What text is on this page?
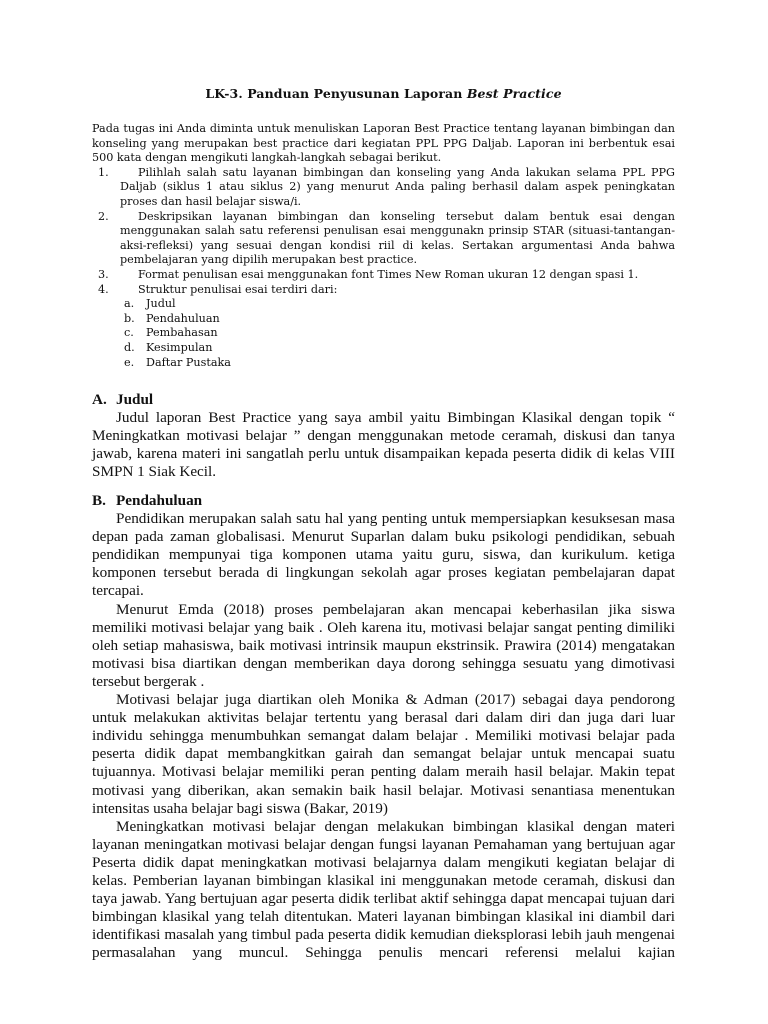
LK-3. Panduan Penyusunan Laporan Best Practice
Pada tugas ini Anda diminta untuk menuliskan Laporan Best Practice tentang layanan bimbingan dan konseling yang merupakan best practice dari kegiatan PPL PPG Daljab. Laporan ini berbentuk esai 500 kata dengan mengikuti langkah-langkah sebagai berikut.
1.	Pilihlah salah satu layanan bimbingan dan konseling yang Anda lakukan selama PPL PPG Daljab (siklus 1 atau siklus 2) yang menurut Anda paling berhasil dalam aspek peningkatan proses dan hasil belajar siswa/i.
2.	Deskripsikan layanan bimbingan dan konseling tersebut dalam bentuk esai dengan menggunakan salah satu referensi penulisan esai menggunakn prinsip STAR (situasi-tantangan-aksi-refleksi) yang sesuai dengan kondisi riil di kelas. Sertakan argumentasi Anda bahwa pembelajaran yang dipilih merupakan best practice.
3.	Format penulisan esai menggunakan font Times New Roman ukuran 12 dengan spasi 1.
4.	Struktur penulisai esai terdiri dari:
a. Judul
b. Pendahuluan
c. Pembahasan
d. Kesimpulan
e. Daftar Pustaka
A. Judul

Judul laporan Best Practice yang saya ambil yaitu Bimbingan Klasikal dengan topik “ Meningkatkan motivasi belajar ” dengan menggunakan metode ceramah, diskusi dan tanya jawab, karena materi ini sangatlah perlu untuk disampaikan kepada peserta didik di kelas VIII SMPN 1 Siak Kecil.

B. Pendahuluan

Pendidikan merupakan salah satu hal yang penting untuk mempersiapkan kesuksesan masa depan pada zaman globalisasi. Menurut Suparlan dalam buku psikologi pendidikan, sebuah pendidikan mempunyai tiga komponen utama yaitu guru, siswa, dan kurikulum. ketiga komponen tersebut berada di lingkungan sekolah agar proses kegiatan pembelajaran dapat tercapai.

Menurut Emda (2018) proses pembelajaran akan mencapai keberhasilan jika siswa memiliki motivasi belajar yang baik . Oleh karena itu, motivasi belajar sangat penting dimiliki oleh setiap mahasiswa, baik motivasi intrinsik maupun ekstrinsik. Prawira (2014) mengatakan motivasi bisa diartikan dengan memberikan daya dorong sehingga sesuatu yang dimotivasi tersebut bergerak .

Motivasi belajar juga diartikan oleh Monika & Adman (2017) sebagai daya pendorong untuk melakukan aktivitas belajar tertentu yang berasal dari dalam diri dan juga dari luar individu sehingga menumbuhkan semangat dalam belajar . Memiliki motivasi belajar pada peserta didik dapat membangkitkan gairah dan semangat belajar untuk mencapai suatu tujuannya. Motivasi belajar memiliki peran penting dalam meraih hasil belajar. Makin tepat motivasi yang diberikan, akan semakin baik hasil belajar. Motivasi senantiasa menentukan intensitas usaha belajar bagi siswa (Bakar, 2019)

Meningkatkan motivasi belajar dengan melakukan bimbingan klasikal dengan materi layanan meningatkan motivasi belajar dengan fungsi layanan Pemahaman yang bertujuan agar Peserta didik dapat meningkatkan motivasi belajarnya dalam mengikuti kegiatan belajar di kelas. Pemberian layanan bimbingan klasikal ini menggunakan metode ceramah, diskusi dan taya jawab. Yang bertujuan agar peserta didik terlibat aktif sehingga dapat mencapai tujuan dari bimbingan klasikal yang telah ditentukan. Materi layanan bimbingan klasikal ini diambil dari identifikasi masalah yang timbul pada peserta didik kemudian dieksplorasi lebih jauh mengenai permasalahan yang muncul. Sehingga penulis mencari referensi melalui kajian
